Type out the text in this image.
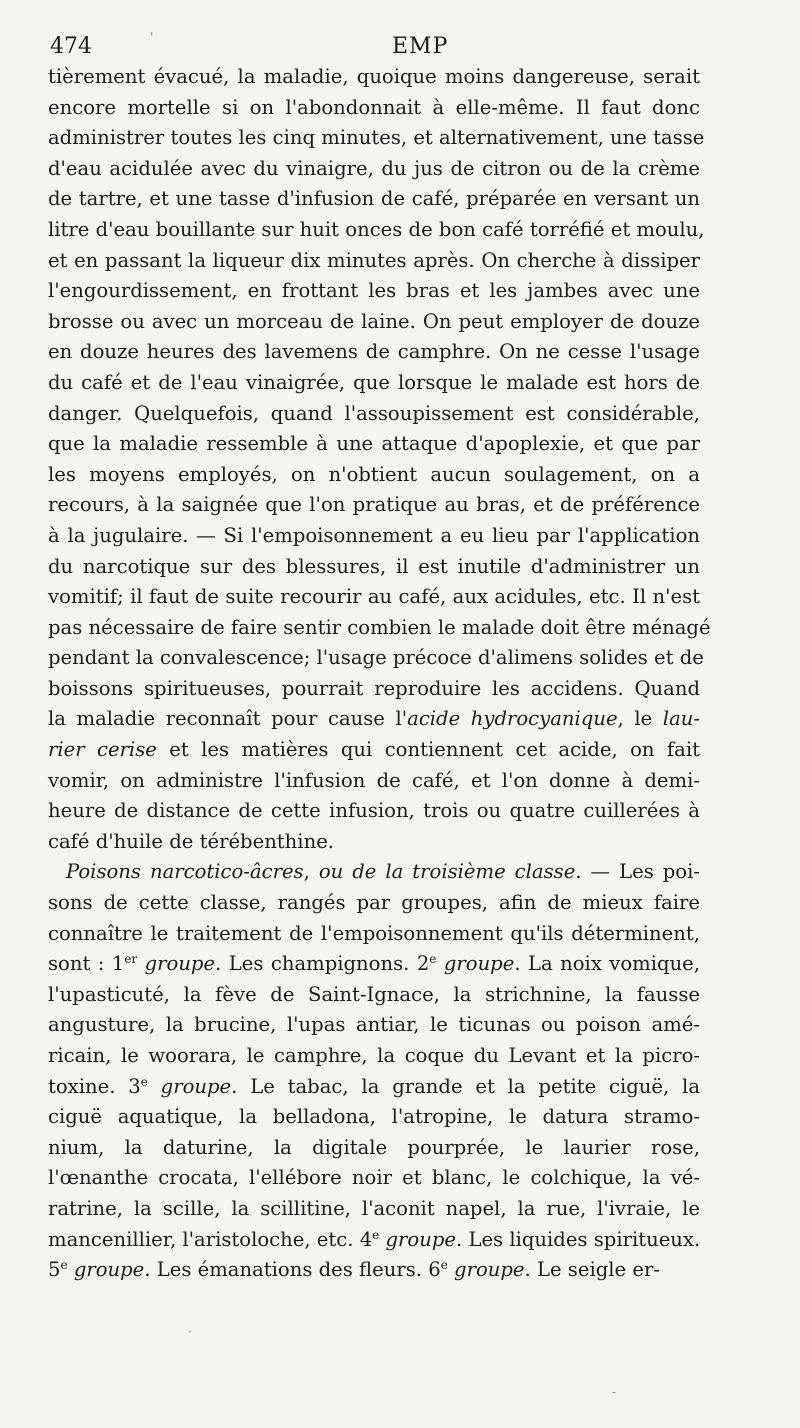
474	EMP
tièrement évacué, la maladie, quoique moins dangereuse, serait
encore mortelle si on l'abondonnait à elle-même. Il faut donc
administrer toutes les cinq minutes, et alternativement, une tasse
d'eau acidulée avec du vinaigre, du jus de citron ou de la crème
de tartre, et une tasse d'infusion de café, préparée en versant un
litre d'eau bouillante sur huit onces de bon café torréfié et moulu,
et en passant la liqueur dix minutes après. On cherche à dissiper
l'engourdissement, en frottant les bras et les jambes avec une
brosse ou avec un morceau de laine. On peut employer de douze
en douze heures des lavemens de camphre. On ne cesse l'usage
du café et de l'eau vinaigrée, que lorsque le malade est hors de
danger. Quelquefois, quand l'assoupissement est considérable,
que la maladie ressemble à une attaque d'apoplexie, et que par
les moyens employés, on n'obtient aucun soulagement, on a
recours, à la saignée que l'on pratique au bras, et de préférence
à la jugulaire. — Si l'empoisonnement a eu lieu par l'application
du narcotique sur des blessures, il est inutile d'administrer un
vomitif; il faut de suite recourir au café, aux acidules, etc. Il n'est
pas nécessaire de faire sentir combien le malade doit être ménagé
pendant la convalescence; l'usage précoce d'alimens solides et de
boissons spiritueuses, pourrait reproduire les accidens. Quand
la maladie reconnaît pour cause l'acide hydrocyanique, le lau-
rier cerise et les matières qui contiennent cet acide, on fait
vomir, on administre l'infusion de café, et l'on donne à demi-
heure de distance de cette infusion, trois ou quatre cuillerées à
café d'huile de térébenthine.
Poisons narcotico-âcres, ou de la troisième classe. — Les poi-
sons de cette classe, rangés par groupes, afin de mieux faire
connaître le traitement de l'empoisonnement qu'ils déterminent,
sont : 1er groupe. Les champignons. 2e groupe. La noix vomique,
l'upasticuté, la fève de Saint-Ignace, la strichnine, la fausse
angusture, la brucine, l'upas antiar, le ticunas ou poison amé-
ricain, le woorara, le camphre, la coque du Levant et la picro-
toxine. 3e groupe. Le tabac, la grande et la petite ciguë, la
ciguë aquatique, la belladona, l'atropine, le datura stramo-
nium, la daturine, la digitale pourprée, le laurier rose,
l'œnanthe crocata, l'ellébore noir et blanc, le colchique, la vé-
ratrine, la scille, la scillitine, l'aconit napel, la rue, l'ivraie, le
mancenillier, l'aristoloche, etc. 4e groupe. Les liquides spiritueux.
5e groupe. Les émanations des fleurs. 6e groupe. Le seigle er-
'
·
-
